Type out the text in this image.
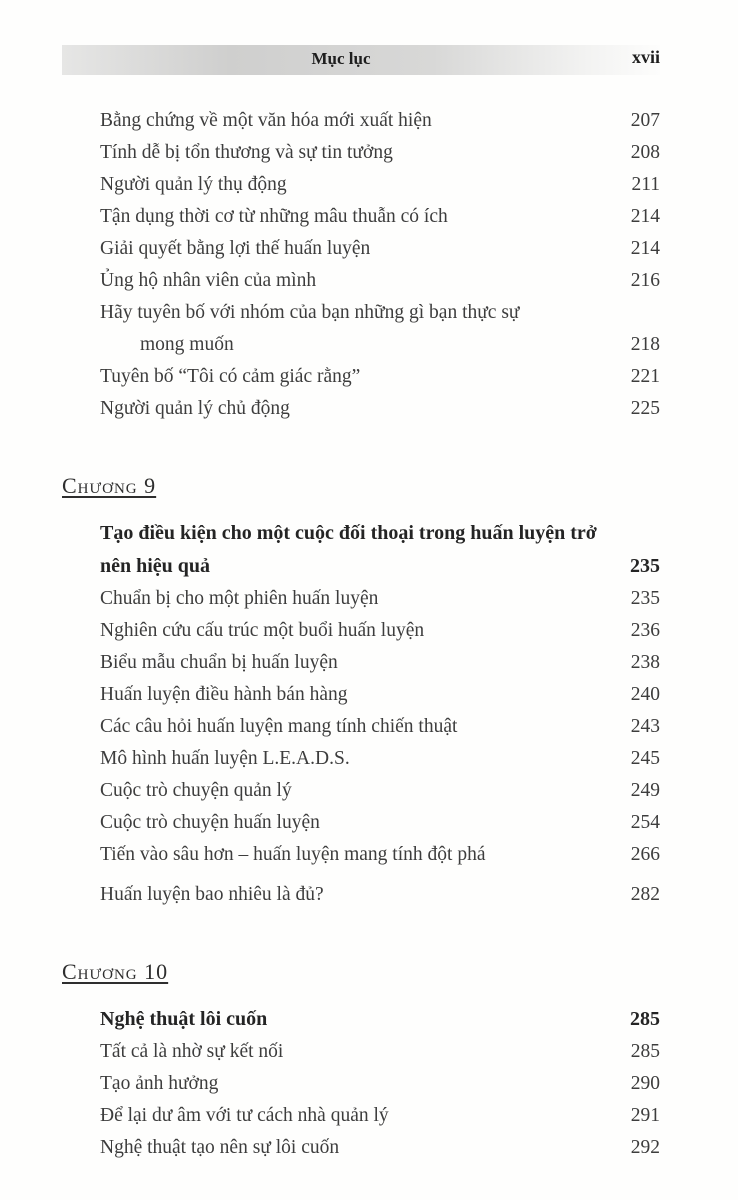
Mục lục	xvii
Bằng chứng về một văn hóa mới xuất hiện	207
Tính dễ bị tổn thương và sự tin tưởng	208
Người quản lý thụ động	211
Tận dụng thời cơ từ những mâu thuẫn có ích	214
Giải quyết bằng lợi thế huấn luyện	214
Ủng hộ nhân viên của mình	216
Hãy tuyên bố với nhóm của bạn những gì bạn thực sự mong muốn	218
Tuyên bố “Tôi có cảm giác rằng”	221
Người quản lý chủ động	225
Chương 9
Tạo điều kiện cho một cuộc đối thoại trong huấn luyện trở nên hiệu quả	235
Chuẩn bị cho một phiên huấn luyện	235
Nghiên cứu cấu trúc một buổi huấn luyện	236
Biểu mẫu chuẩn bị huấn luyện	238
Huấn luyện điều hành bán hàng	240
Các câu hỏi huấn luyện mang tính chiến thuật	243
Mô hình huấn luyện L.E.A.D.S.	245
Cuộc trò chuyện quản lý	249
Cuộc trò chuyện huấn luyện	254
Tiến vào sâu hơn – huấn luyện mang tính đột phá	266
Huấn luyện bao nhiêu là đủ?	282
Chương 10
Nghệ thuật lôi cuốn	285
Tất cả là nhờ sự kết nối	285
Tạo ảnh hưởng	290
Để lại dư âm với tư cách nhà quản lý	291
Nghệ thuật tạo nên sự lôi cuốn	292
